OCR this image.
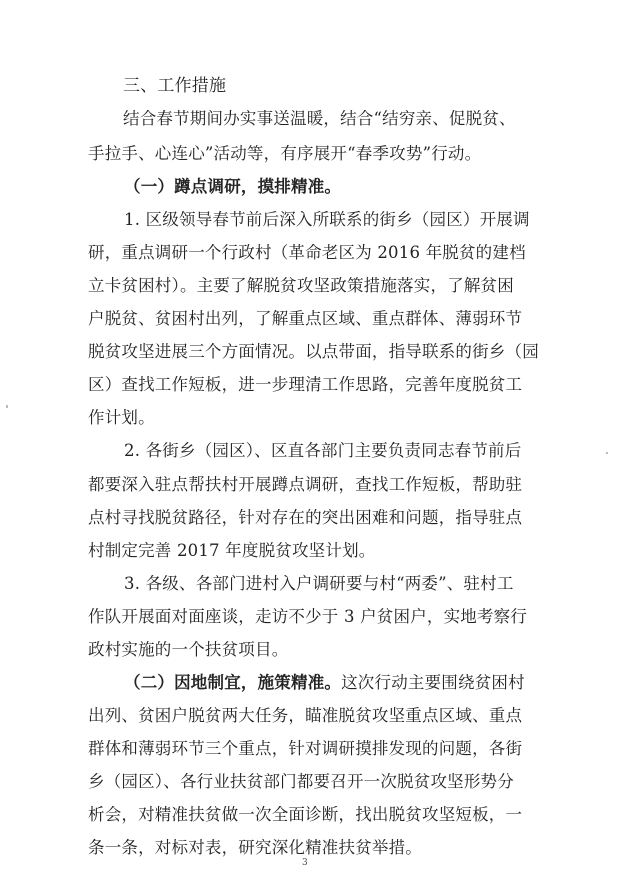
三、工作措施
结合春节期间办实事送温暖，结合“结穷亲、促脱贫、
手拉手、心连心”活动等，有序展开“春季攻势”行动。
（一）蹲点调研，摸排精准。
1. 区级领导春节前后深入所联系的街乡（园区）开展调
研，重点调研一个行政村（革命老区为 2016 年脱贫的建档
立卡贫困村）。主要了解脱贫攻坚政策措施落实，了解贫困
户脱贫、贫困村出列，了解重点区域、重点群体、薄弱环节
脱贫攻坚进展三个方面情况。以点带面，指导联系的街乡（园
区）查找工作短板，进一步理清工作思路，完善年度脱贫工
作计划。
2. 各街乡（园区）、区直各部门主要负责同志春节前后
都要深入驻点帮扶村开展蹲点调研，查找工作短板，帮助驻
点村寻找脱贫路径，针对存在的突出困难和问题，指导驻点
村制定完善 2017 年度脱贫攻坚计划。
3. 各级、各部门进村入户调研要与村“两委”、驻村工
作队开展面对面座谈，走访不少于 3 户贫困户，实地考察行
政村实施的一个扶贫项目。
（二）因地制宜，施策精准。这次行动主要围绕贫困村
出列、贫困户脱贫两大任务，瞄准脱贫攻坚重点区域、重点
群体和薄弱环节三个重点，针对调研摸排发现的问题，各街
乡（园区）、各行业扶贫部门都要召开一次脱贫攻坚形势分
析会，对精准扶贫做一次全面诊断，找出脱贫攻坚短板，一
条一条，对标对表，研究深化精准扶贫举措。
3
